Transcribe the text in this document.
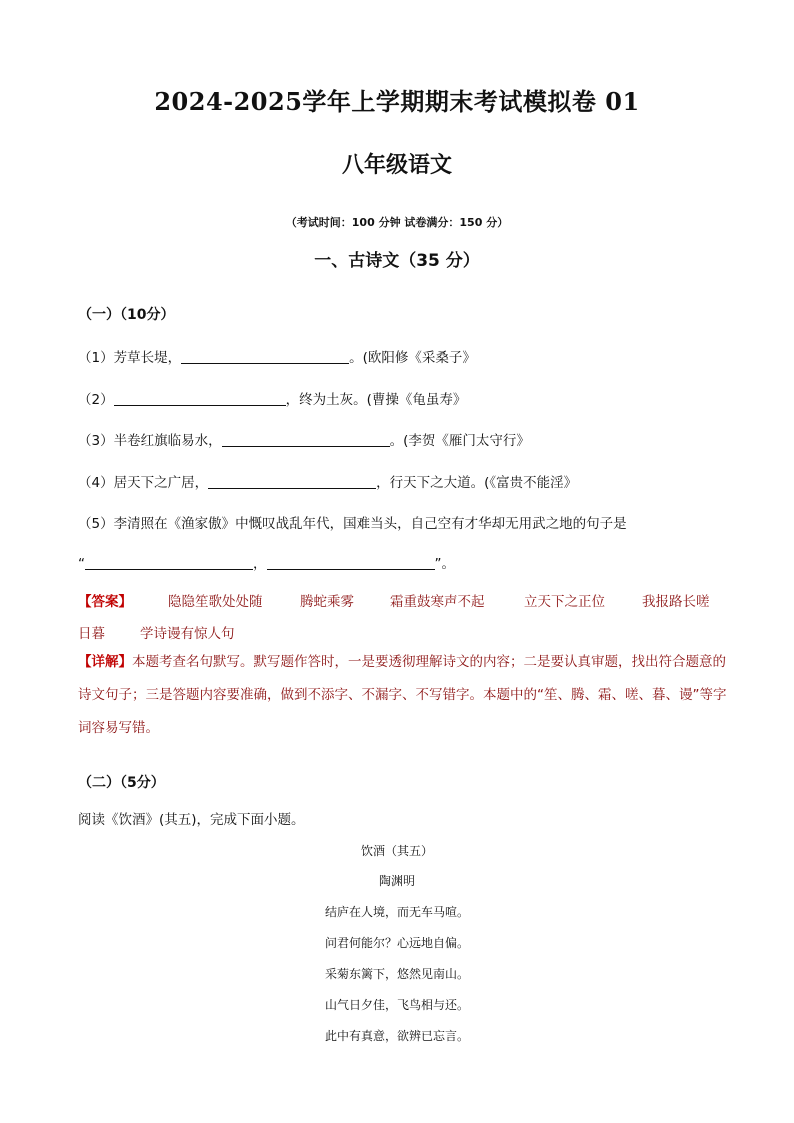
2024-2025学年上学期期末考试模拟卷 01
八年级语文
（考试时间：100 分钟 试卷满分：150 分）
一、古诗文（35 分）
（一）（10分）
（1）芳草长堤，	。(欧阳修《采桑子》
（2）	，终为土灰。(曹操《龟虽寿》
（3）半卷红旗临易水，	。(李贺《雁门太守行》
（4）居天下之广居，	，行天下之大道。(《富贵不能淫》
（5）李清照在《渔家傲》中慨叹战乱年代，国难当头，自己空有才华却无用武之地的句子是
“	，	”。
【答案】	隐隐笙歌处处随	腾蛇乘雾	霜重鼓寒声不起	立天下之正位	我报路长嗟
日暮	学诗谩有惊人句
【详解】本题考查名句默写。默写题作答时，一是要透彻理解诗文的内容；二是要认真审题，找出符合题意的诗文句子；三是答题内容要准确，做到不添字、不漏字、不写错字。本题中的“笙、腾、霜、嗟、暮、谩”等字词容易写错。
（二）（5分）
阅读《饮酒》(其五)，完成下面小题。
饮酒（其五）
陶渊明
结庐在人境，而无车马喧。
问君何能尔？心远地自偏。
采菊东篱下，悠然见南山。
山气日夕佳，飞鸟相与还。
此中有真意，欲辨已忘言。
